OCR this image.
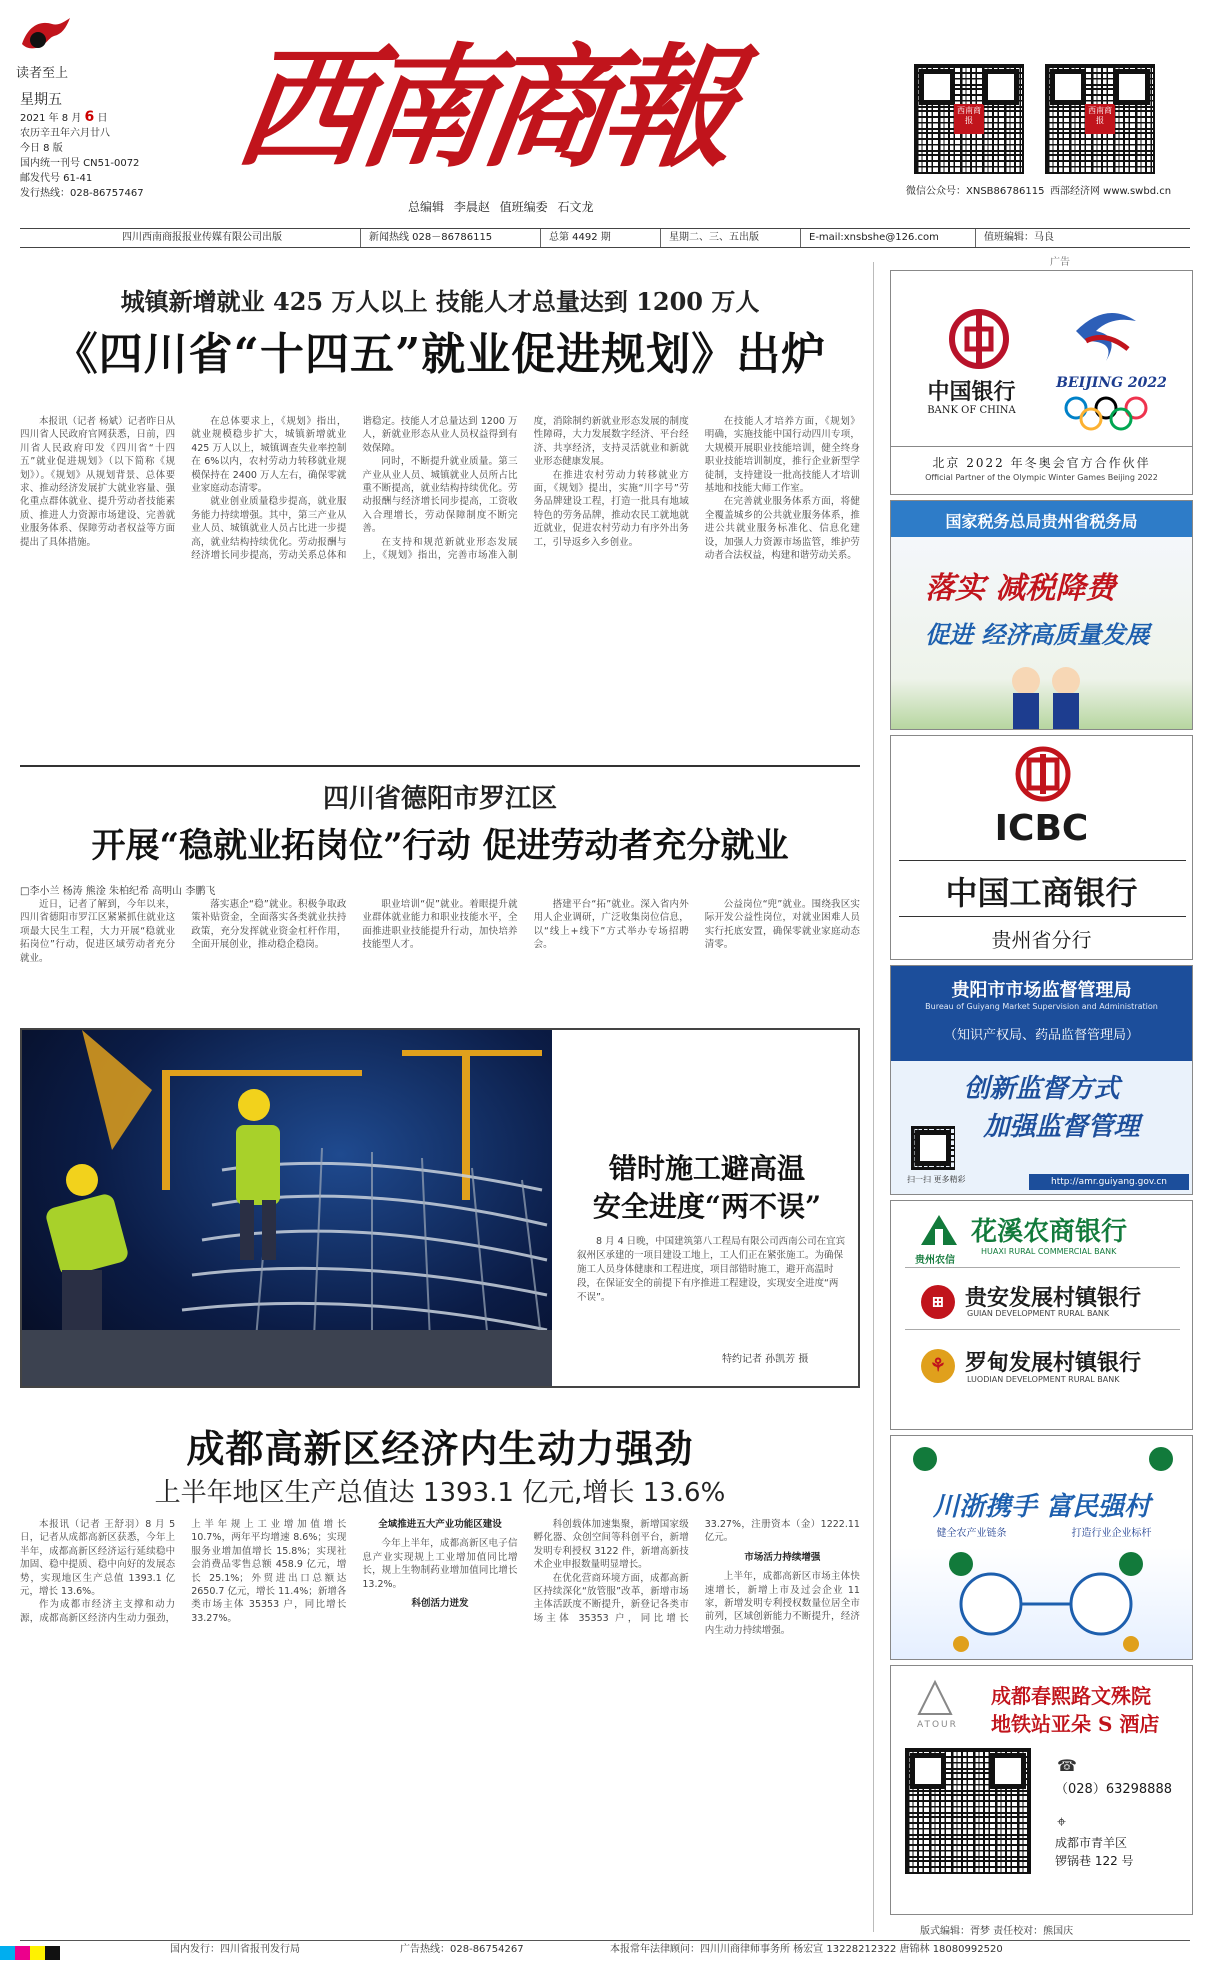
读者至上
星期五
2021 年 8 月 6 日
农历辛丑年六月廿八
今日 8 版
国内统一刊号 CN51-0072
邮发代号 61-41
发行热线：028-86757467
西南商報
总编辑 李晨赵 值班编委 石文龙
西南商报
微信公众号：XNSB86786115
西南商报
西部经济网 www.swbd.cn
四川西南商报报业传媒有限公司出版	新闻热线 028－86786115	总第 4492 期	星期二、三、五出版	E-mail:xnsbshe@126.com	值班编辑：马良
广告
城镇新增就业 425 万人以上 技能人才总量达到 1200 万人
《四川省“十四五”就业促进规划》出炉

本报讯（记者 杨斌）记者昨日从四川省人民政府官网获悉，日前，四川省人民政府印发《四川省“十四五”就业促进规划》（以下简称《规划》）。《规划》从规划背景、总体要求、推动经济发展扩大就业容量、强化重点群体就业、提升劳动者技能素质、推进人力资源市场建设、完善就业服务体系、保障劳动者权益等方面提出了具体措施。

在总体要求上，《规划》指出，就业规模稳步扩大，城镇新增就业 425 万人以上，城镇调查失业率控制在 6%以内，农村劳动力转移就业规模保持在 2400 万人左右，确保零就业家庭动态清零。

就业创业质量稳步提高，就业服务能力持续增强。其中，第三产业从业人员、城镇就业人员占比进一步提高，就业结构持续优化。劳动报酬与经济增长同步提高，劳动关系总体和谐稳定。技能人才总量达到 1200 万人，新就业形态从业人员权益得到有效保障。

同时，不断提升就业质量。第三产业从业人员、城镇就业人员所占比重不断提高，就业结构持续优化。劳动报酬与经济增长同步提高，工资收入合理增长，劳动保障制度不断完善。

在支持和规范新就业形态发展上，《规划》指出，完善市场准入制度，消除制约新就业形态发展的制度性障碍，大力发展数字经济、平台经济、共享经济，支持灵活就业和新就业形态健康发展。

在推进农村劳动力转移就业方面，《规划》提出，实施“川字号”劳务品牌建设工程，打造一批具有地域特色的劳务品牌，推动农民工就地就近就业，促进农村劳动力有序外出务工，引导返乡入乡创业。

在技能人才培养方面，《规划》明确，实施技能中国行动四川专项，大规模开展职业技能培训，健全终身职业技能培训制度，推行企业新型学徒制，支持建设一批高技能人才培训基地和技能大师工作室。

在完善就业服务体系方面，将健全覆盖城乡的公共就业服务体系，推进公共就业服务标准化、信息化建设，加强人力资源市场监管，维护劳动者合法权益，构建和谐劳动关系。

四川省德阳市罗江区
开展“稳就业拓岗位”行动 促进劳动者充分就业
□李小兰 杨涛 熊淦 朱柏纪希 高明山 李鹏飞

近日，记者了解到，今年以来，四川省德阳市罗江区紧紧抓住就业这项最大民生工程，大力开展“稳就业拓岗位”行动，促进区域劳动者充分就业。

落实惠企“稳”就业。积极争取政策补贴资金，全面落实各类就业扶持政策，充分发挥就业资金杠杆作用，全面开展创业，推动稳企稳岗。

职业培训“促”就业。着眼提升就业群体就业能力和职业技能水平，全面推进职业技能提升行动，加快培养技能型人才。

搭建平台“拓”就业。深入省内外用人企业调研，广泛收集岗位信息，以“线上+线下”方式举办专场招聘会。

公益岗位“兜”就业。围绕我区实际开发公益性岗位，对就业困难人员实行托底安置，确保零就业家庭动态清零。

错时施工避高温
安全进度“两不误”
8 月 4 日晚，中国建筑第八工程局有限公司西南公司在宜宾叙州区承建的一项目建设工地上，工人们正在紧张施工。为确保施工人员身体健康和工程进度，项目部错时施工，避开高温时段，在保证安全的前提下有序推进工程建设，实现安全进度“两不误”。
特约记者 孙凯芳 摄
成都高新区经济内生动力强劲
上半年地区生产总值达 1393.1 亿元,增长 13.6%

本报讯（记者 王舒羽）8 月 5 日，记者从成都高新区获悉，今年上半年，成都高新区经济运行延续稳中加固、稳中提质、稳中向好的发展态势，实现地区生产总值 1393.1 亿元，增长 13.6%。

作为成都市经济主支撑和动力源，成都高新区经济内生动力强劲，上半年规上工业增加值增长 10.7%，两年平均增速 8.6%；实现服务业增加值增长 15.8%；实现社会消费品零售总额 458.9 亿元，增长 25.1%；外贸进出口总额达 2650.7 亿元，增长 11.4%；新增各类市场主体 35353 户，同比增长 33.27%。

全域推进五大产业功能区建设

今年上半年，成都高新区电子信息产业实现规上工业增加值同比增长，规上生物制药业增加值同比增长 13.2%。

科创活力迸发

科创载体加速集聚，新增国家级孵化器、众创空间等科创平台，新增发明专利授权 3122 件，新增高新技术企业申报数量明显增长。

在优化营商环境方面，成都高新区持续深化“放管服”改革，新增市场主体活跃度不断提升，新登记各类市场主体 35353 户，同比增长 33.27%，注册资本（金）1222.11 亿元。

市场活力持续增强

上半年，成都高新区市场主体快速增长，新增上市及过会企业 11 家，新增发明专利授权数量位居全市前列，区域创新能力不断提升，经济内生动力持续增强。

中国银行
BANK OF CHINA
BEIJING 2022
北京 2022 年冬奥会官方合作伙伴
Official Partner of the Olympic Winter Games Beijing 2022
国家税务总局贵州省税务局
落实 减税降费
促进 经济高质量发展
ICBC
中国工商银行
贵州省分行
贵阳市市场监督管理局
Bureau of Guiyang Market Supervision and Administration
（知识产权局、药品监督管理局）
创新监督方式
加强监督管理
扫一扫 更多精彩	http://amr.guiyang.gov.cn
贵州农信
花溪农商银行
HUAXI RURAL COMMERCIAL BANK
⊞ 贵安发展村镇银行
GUIAN DEVELOPMENT RURAL BANK
⚘ 罗甸发展村镇银行
LUODIAN DEVELOPMENT RURAL BANK
川浙携手 富民强村
健全农产业链条	打造行业企业标杆
ATOUR
成都春熙路文殊院
地铁站亚朵 S 酒店
☎
（028）63298888
⌖
成都市青羊区
锣锅巷 122 号
版式编辑：胥梦 责任校对：熊国庆
国内发行：四川省报刊发行局	广告热线：028-86754267	本报常年法律顾问：四川川商律师事务所 杨宏宣 13228212322 唐锦林 18080992520
